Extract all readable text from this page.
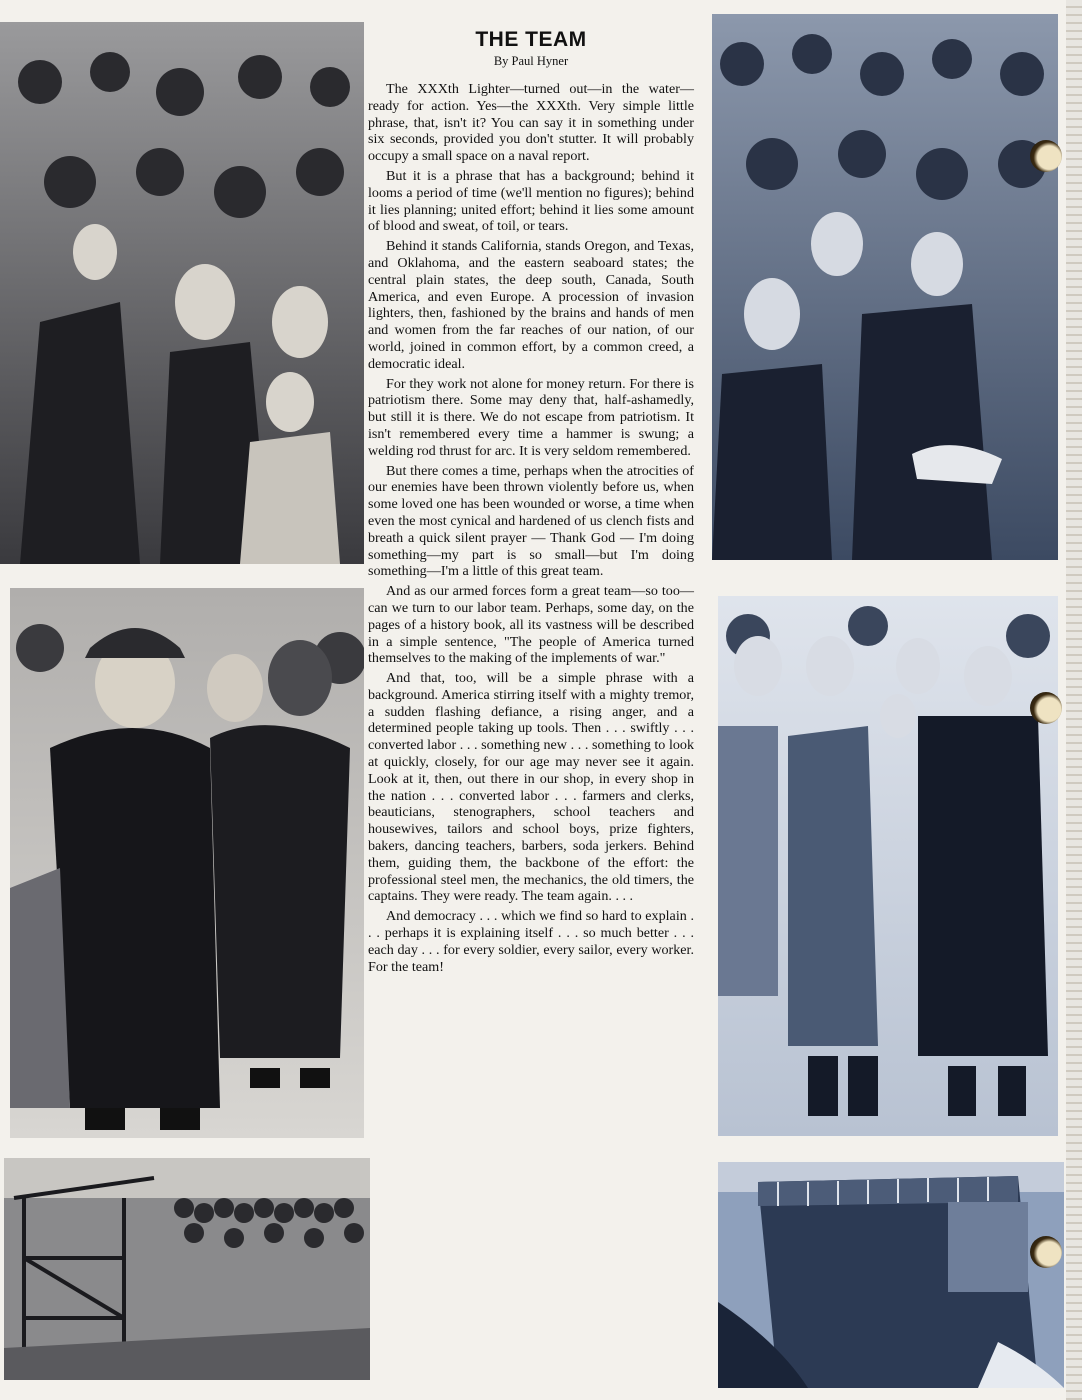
THE TEAM
By Paul Hyner

The XXXth Lighter—turned out—in the water—ready for action. Yes—the XXXth. Very simple little phrase, that, isn't it? You can say it in something under six seconds, provided you don't stutter. It will probably occupy a small space on a naval report.

But it is a phrase that has a background; behind it looms a period of time (we'll mention no figures); behind it lies planning; united effort; behind it lies some amount of blood and sweat, of toil, or tears.

Behind it stands California, stands Oregon, and Texas, and Oklahoma, and the eastern seaboard states; the central plain states, the deep south, Canada, South America, and even Europe. A procession of invasion lighters, then, fashioned by the brains and hands of men and women from the far reaches of our nation, of our world, joined in common effort, by a common creed, a democratic ideal.

For they work not alone for money return. For there is patriotism there. Some may deny that, half-ashamedly, but still it is there. We do not escape from patriotism. It isn't remembered every time a hammer is swung; a welding rod thrust for arc. It is very seldom remembered.

But there comes a time, perhaps when the atrocities of our enemies have been thrown violently before us, when some loved one has been wounded or worse, a time when even the most cynical and hardened of us clench fists and breath a quick silent prayer — Thank God — I'm doing something—my part is so small—but I'm doing something—I'm a little of this great team.

And as our armed forces form a great team—so too—can we turn to our labor team. Perhaps, some day, on the pages of a history book, all its vastness will be described in a simple sentence, "The people of America turned themselves to the making of the implements of war."

And that, too, will be a simple phrase with a background. America stirring itself with a mighty tremor, a sudden flashing defiance, a rising anger, and a determined people taking up tools. Then . . . swiftly . . . converted labor . . . something new . . . something to look at quickly, closely, for our age may never see it again. Look at it, then, out there in our shop, in every shop in the nation . . . converted labor . . . farmers and clerks, beauticians, stenographers, school teachers and housewives, tailors and school boys, prize fighters, bakers, dancing teachers, barbers, soda jerkers. Behind them, guiding them, the backbone of the effort: the professional steel men, the mechanics, the old timers, the captains. They were ready. The team again. . . .

And democracy . . . which we find so hard to explain . . . perhaps it is explaining itself . . . so much better . . . each day . . . for every soldier, every sailor, every worker. For the team!
